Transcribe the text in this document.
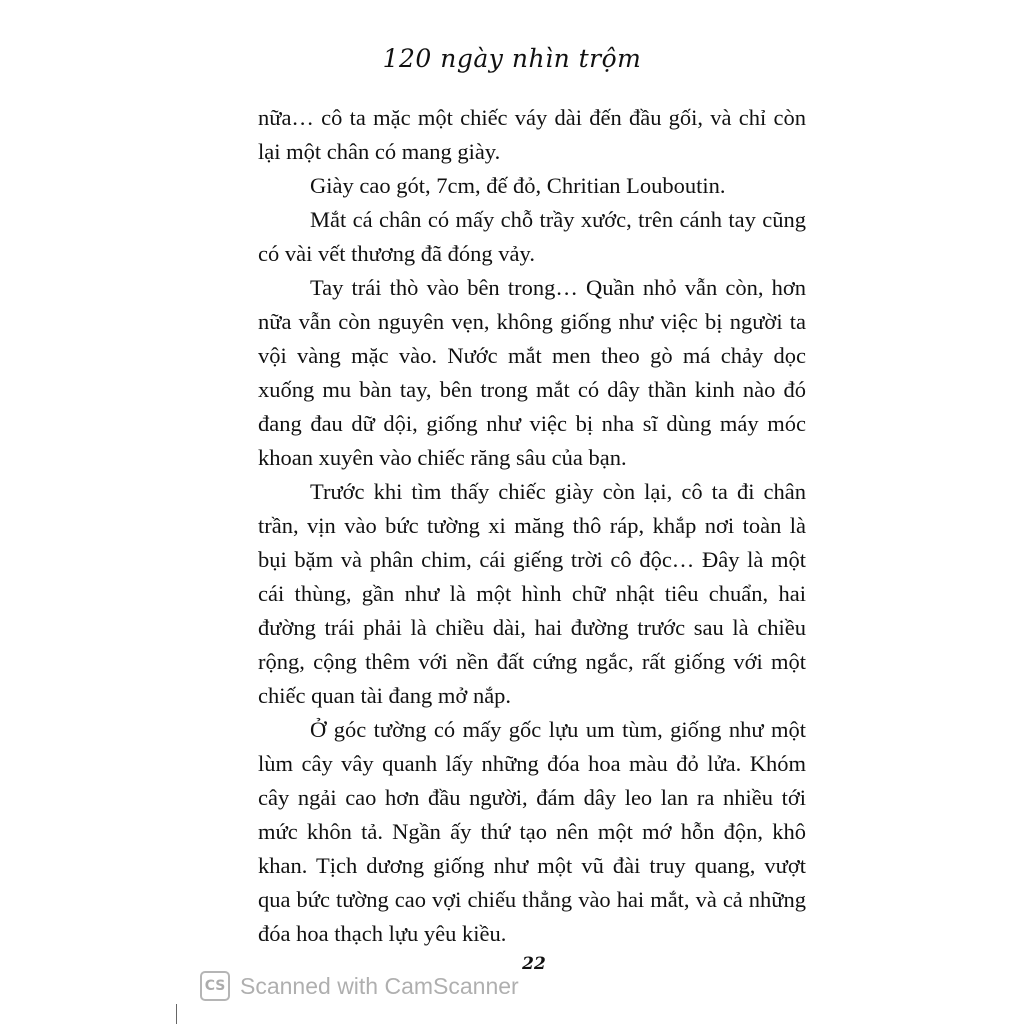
120 ngày nhìn trộm

nữa… cô ta mặc một chiếc váy dài đến đầu gối, và chỉ còn lại một chân có mang giày.

Giày cao gót, 7cm, đế đỏ, Chritian Louboutin.

Mắt cá chân có mấy chỗ trầy xước, trên cánh tay cũng có vài vết thương đã đóng vảy.

Tay trái thò vào bên trong… Quần nhỏ vẫn còn, hơn nữa vẫn còn nguyên vẹn, không giống như việc bị người ta vội vàng mặc vào. Nước mắt men theo gò má chảy dọc xuống mu bàn tay, bên trong mắt có dây thần kinh nào đó đang đau dữ dội, giống như việc bị nha sĩ dùng máy móc khoan xuyên vào chiếc răng sâu của bạn.

Trước khi tìm thấy chiếc giày còn lại, cô ta đi chân trần, vịn vào bức tường xi măng thô ráp, khắp nơi toàn là bụi bặm và phân chim, cái giếng trời cô độc… Đây là một cái thùng, gần như là một hình chữ nhật tiêu chuẩn, hai đường trái phải là chiều dài, hai đường trước sau là chiều rộng, cộng thêm với nền đất cứng ngắc, rất giống với một chiếc quan tài đang mở nắp.

Ở góc tường có mấy gốc lựu um tùm, giống như một lùm cây vây quanh lấy những đóa hoa màu đỏ lửa. Khóm cây ngải cao hơn đầu người, đám dây leo lan ra nhiều tới mức khôn tả. Ngần ấy thứ tạo nên một mớ hỗn độn, khô khan. Tịch dương giống như một vũ đài truy quang, vượt qua bức tường cao vợi chiếu thẳng vào hai mắt, và cả những đóa hoa thạch lựu yêu kiều.

22
CS Scanned with CamScanner
